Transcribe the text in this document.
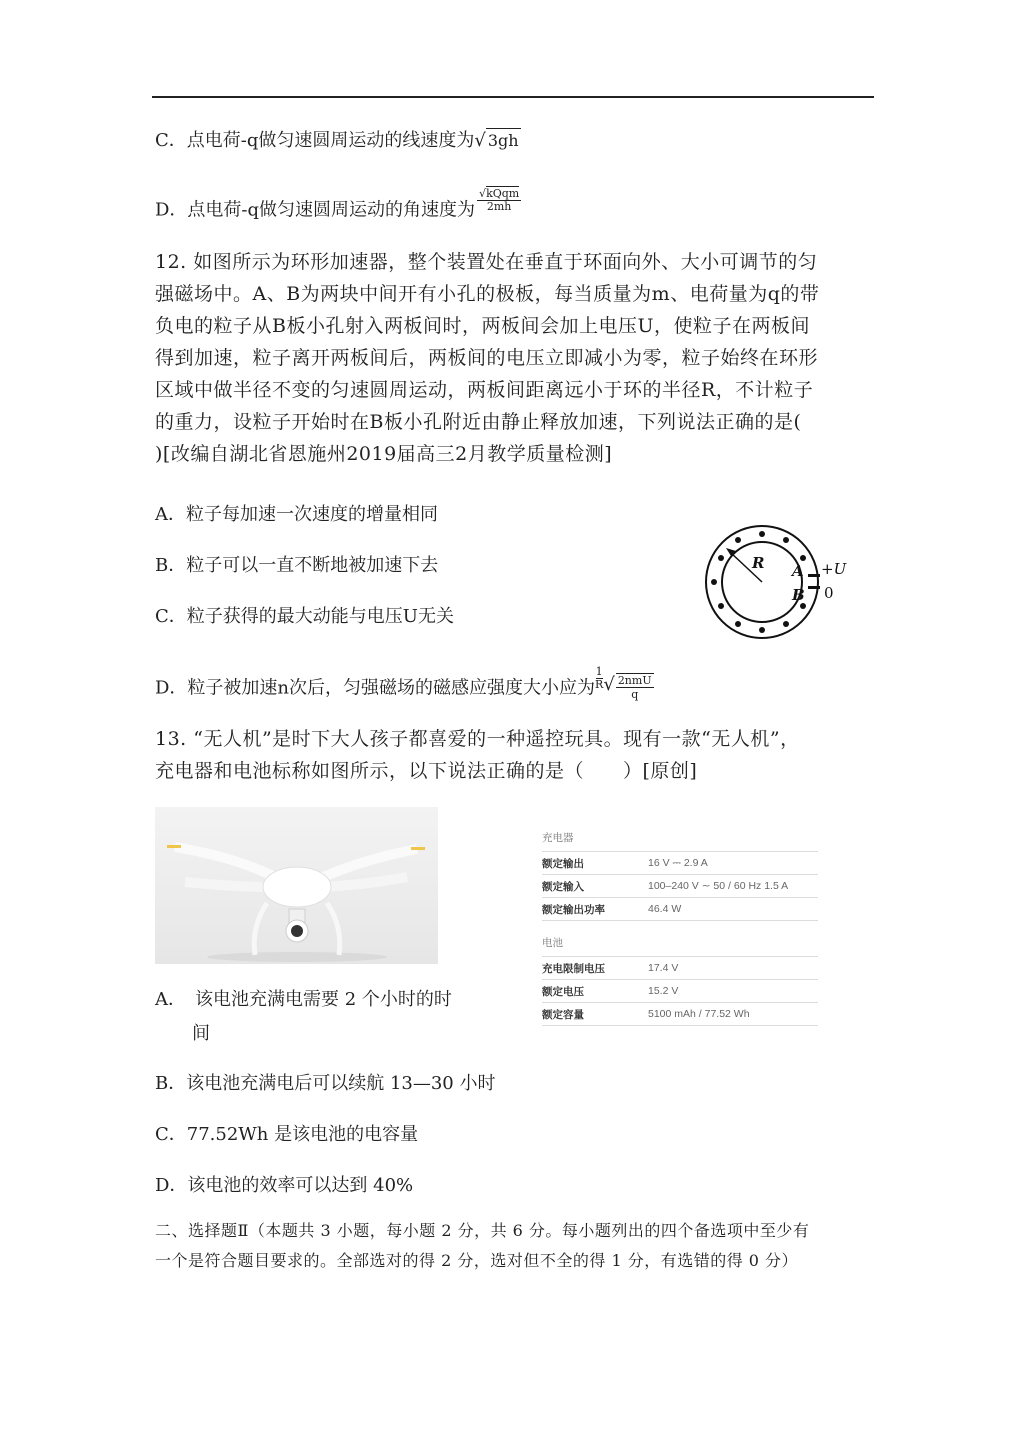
C．点电荷-q做匀速圆周运动的线速度为√ 3gh
D．点电荷-q做匀速圆周运动的角速度为 $\frac{\text{√kQqm}}{2mh}$
12. 如图所示为环形加速器，整个装置处在垂直于环面向外、大小可调节的匀
强磁场中。A、B为两块中间开有小孔的极板，每当质量为m、电荷量为q的带
负电的粒子从B板小孔射入两板间时，两板间会加上电压U，使粒子在两板间
得到加速，粒子离开两板间后，两板间的电压立即减小为零，粒子始终在环形
区域中做半径不变的匀速圆周运动，两板间距离远小于环的半径R，不计粒子
的重力，设粒子开始时在B板小孔附近由静止释放加速，下列说法正确的是(
)[改编自湖北省恩施州2019届高三2月教学质量检测]
A．粒子每加速一次速度的增量相同
B．粒子可以一直不断地被加速下去
C．粒子获得的最大动能与电压U无关
D．粒子被加速n次后，匀强磁场的磁感应强度大小应为 $\frac{1}{R}$ √ 2nmU
q
R A
B
+U
0
13. “无人机”是时下大人孩子都喜爱的一种遥控玩具。现有一款“无人机”，
充电器和电池标称如图所示，以下说法正确的是（　　）[原创]
充电器
额定输出	16 V ⎓ 2.9 A
额定输入	100–240 V ∼ 50 / 60 Hz 1.5 A
额定输出功率	46.4 W
电池
充电限制电压	17.4 V
额定电压	15.2 V
额定容量	5100 mAh / 77.52 Wh
A．　该电池充满电需要 2 个小时的时
间
B．该电池充满电后可以续航 13—30 小时
C．77.52Wh 是该电池的电容量
D．该电池的效率可以达到 40%
二、选择题Ⅱ（本题共 3 小题，每小题 2 分，共 6 分。每小题列出的四个备选项中至少有
一个是符合题目要求的。全部选对的得 2 分，选对但不全的得 1 分，有选错的得 0 分）
